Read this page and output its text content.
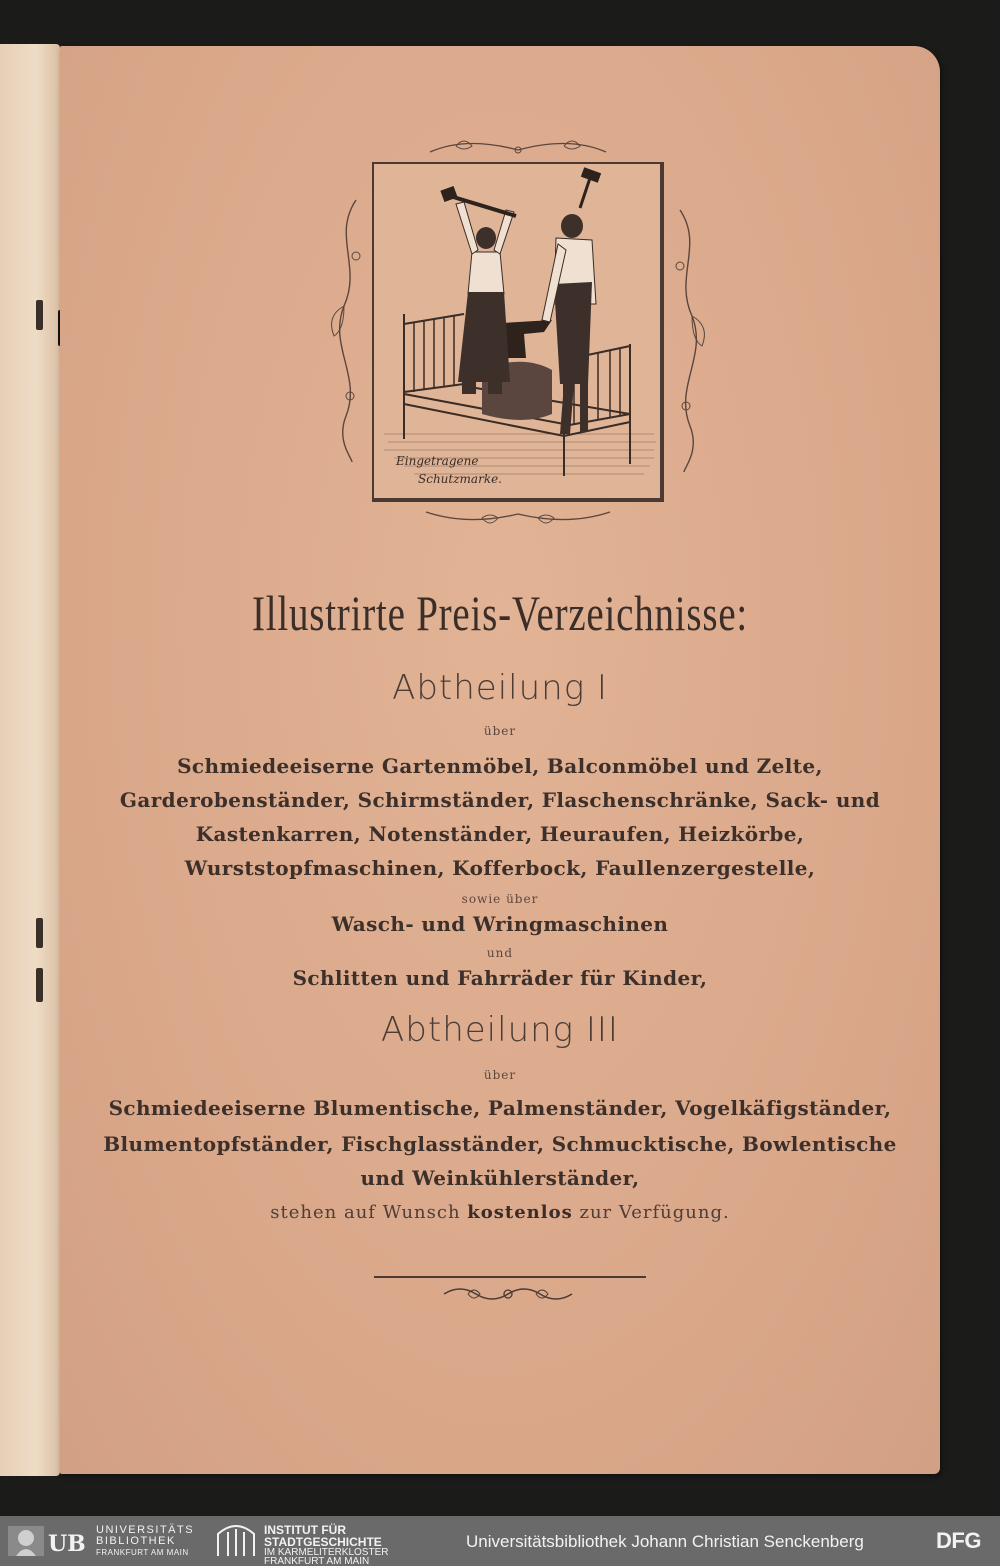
Eingetragene
Schutzmarke.
Illustrirte Preis-Verzeichnisse:
Abtheilung I
über
Schmiedeeiserne Gartenmöbel, Balconmöbel und Zelte,
Garderobenständer, Schirmständer, Flaschenschränke, Sack- und
Kastenkarren, Notenständer, Heuraufen, Heizkörbe,
Wurststopfmaschinen, Kofferbock, Faullenzergestelle,
sowie über
Wasch- und Wringmaschinen
und
Schlitten und Fahrräder für Kinder,
Abtheilung III
über
Schmiedeeiserne Blumentische, Palmenständer, Vogelkäfigständer,
Blumentopfständer, Fischglasständer, Schmucktische, Bowlentische
und Weinkühlerständer,
stehen auf Wunsch kostenlos zur Verfügung.
UB
UNIVERSITÄTS
BIBLIOTHEK
FRANKFURT AM MAIN
INSTITUT FÜR
STADTGESCHICHTE
IM KARMELITERKLOSTER
FRANKFURT AM MAIN
Universitätsbibliothek Johann Christian Senckenberg	DFG
